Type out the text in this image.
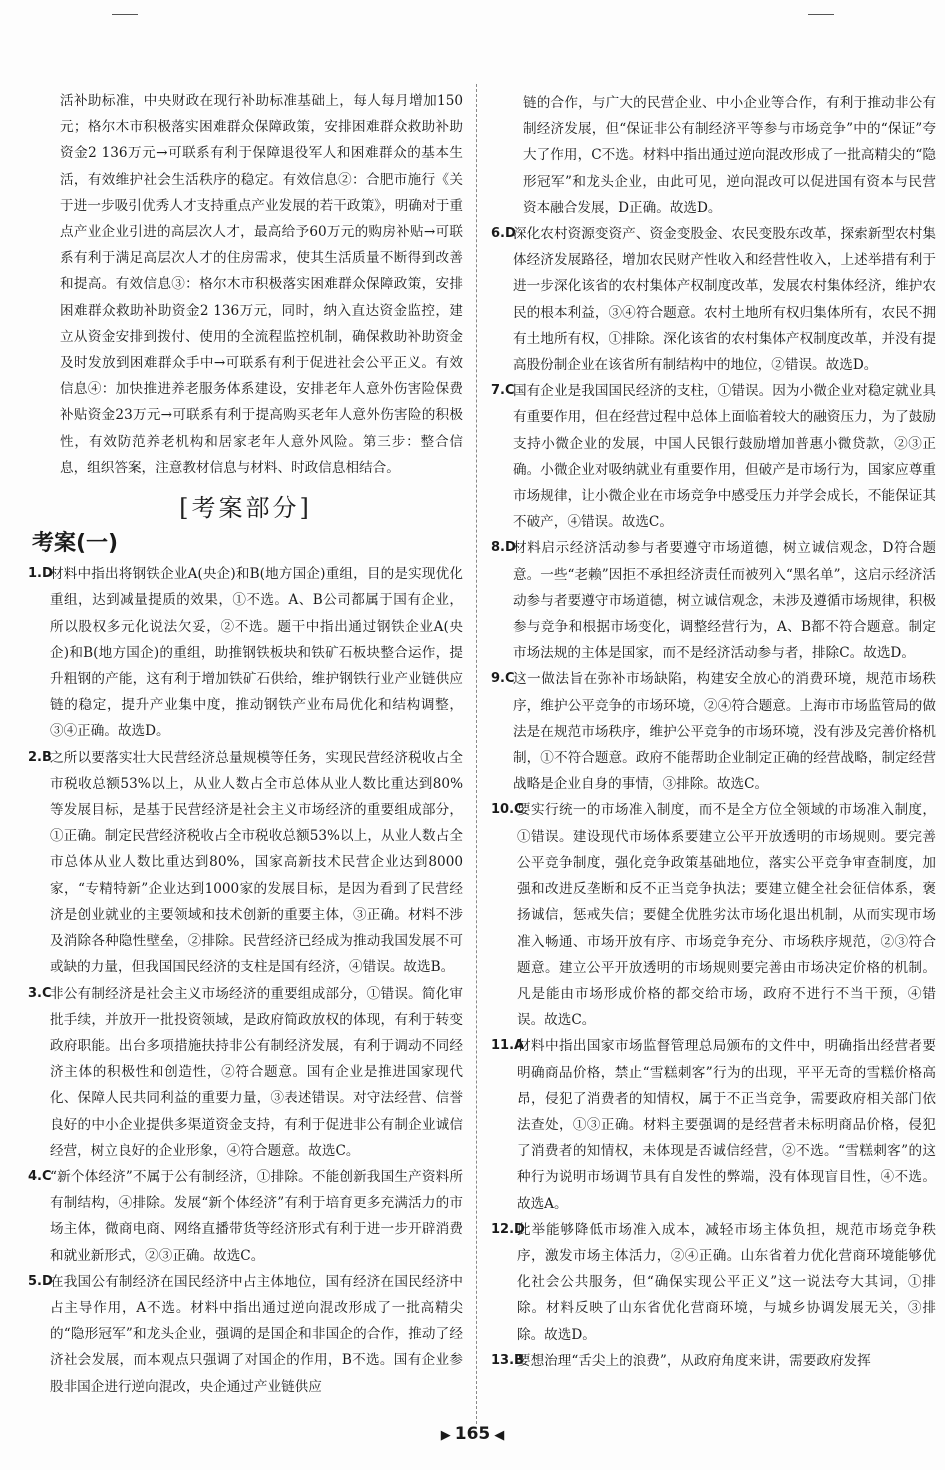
活补助标准，中央财政在现行补助标准基础上，每人每月增加150元；格尔木市积极落实困难群众保障政策，安排困难群众救助补助资金2 136万元→可联系有利于保障退役军人和困难群众的基本生活，有效维护社会生活秩序的稳定。有效信息②：合肥市施行《关于进一步吸引优秀人才支持重点产业发展的若干政策》，明确对于重点产业企业引进的高层次人才，最高给予60万元的购房补贴→可联系有利于满足高层次人才的住房需求，使其生活质量不断得到改善和提高。有效信息③：格尔木市积极落实困难群众保障政策，安排困难群众救助补助资金2 136万元，同时，纳入直达资金监控，建立从资金安排到拨付、使用的全流程监控机制，确保救助补助资金及时发放到困难群众手中→可联系有利于促进社会公平正义。有效信息④：加快推进养老服务体系建设，安排老年人意外伤害险保费补贴资金23万元→可联系有利于提高购买老年人意外伤害险的积极性，有效防范养老机构和居家老年人意外风险。第三步：整合信息，组织答案，注意教材信息与材料、时政信息相结合。

[考案部分]
考案(一)
1.D
材料中指出将钢铁企业A(央企)和B(地方国企)重组，目的是实现优化重组，达到减量提质的效果，①不选。A、B公司都属于国有企业，所以股权多元化说法欠妥，②不选。题干中指出通过钢铁企业A(央企)和B(地方国企)的重组，助推钢铁板块和铁矿石板块整合运作，提升粗钢的产能，这有利于增加铁矿石供给，维护钢铁行业产业链供应链的稳定，提升产业集中度，推动钢铁产业布局优化和结构调整，③④正确。故选D。
2.B
之所以要落实壮大民营经济总量规模等任务，实现民营经济税收占全市税收总额53%以上，从业人数占全市总体从业人数比重达到80%等发展目标，是基于民营经济是社会主义市场经济的重要组成部分，①正确。制定民营经济税收占全市税收总额53%以上，从业人数占全市总体从业人数比重达到80%，国家高新技术民营企业达到8000家，“专精特新”企业达到1000家的发展目标，是因为看到了民营经济是创业就业的主要领域和技术创新的重要主体，③正确。材料不涉及消除各种隐性壁垒，②排除。民营经济已经成为推动我国发展不可或缺的力量，但我国国民经济的支柱是国有经济，④错误。故选B。
3.C
非公有制经济是社会主义市场经济的重要组成部分，①错误。简化审批手续，并放开一批投资领域，是政府简政放权的体现，有利于转变政府职能。出台多项措施扶持非公有制经济发展，有利于调动不同经济主体的积极性和创造性，②符合题意。国有企业是推进国家现代化、保障人民共同利益的重要力量，③表述错误。对守法经营、信誉良好的中小企业提供多渠道资金支持，有利于促进非公有制企业诚信经营，树立良好的企业形象，④符合题意。故选C。
4.C
“新个体经济”不属于公有制经济，①排除。不能创新我国生产资料所有制结构，④排除。发展“新个体经济”有利于培育更多充满活力的市场主体，微商电商、网络直播带货等经济形式有利于进一步开辟消费和就业新形式，②③正确。故选C。
5.D
在我国公有制经济在国民经济中占主体地位，国有经济在国民经济中占主导作用，A不选。材料中指出通过逆向混改形成了一批高精尖的“隐形冠军”和龙头企业，强调的是国企和非国企的合作，推动了经济社会发展，而本观点只强调了对国企的作用，B不选。国有企业参股非国企进行逆向混改，央企通过产业链供应

链的合作，与广大的民营企业、中小企业等合作，有利于推动非公有制经济发展，但“保证非公有制经济平等参与市场竞争”中的“保证”夸大了作用，C不选。材料中指出通过逆向混改形成了一批高精尖的“隐形冠军”和龙头企业，由此可见，逆向混改可以促进国有资本与民营资本融合发展，D正确。故选D。

6.D
深化农村资源变资产、资金变股金、农民变股东改革，探索新型农村集体经济发展路径，增加农民财产性收入和经营性收入，上述举措有利于进一步深化该省的农村集体产权制度改革，发展农村集体经济，维护农民的根本利益，③④符合题意。农村土地所有权归集体所有，农民不拥有土地所有权，①排除。深化该省的农村集体产权制度改革，并没有提高股份制企业在该省所有制结构中的地位，②错误。故选D。
7.C
国有企业是我国国民经济的支柱，①错误。因为小微企业对稳定就业具有重要作用，但在经营过程中总体上面临着较大的融资压力，为了鼓励支持小微企业的发展，中国人民银行鼓励增加普惠小微贷款，②③正确。小微企业对吸纳就业有重要作用，但破产是市场行为，国家应尊重市场规律，让小微企业在市场竞争中感受压力并学会成长，不能保证其不破产，④错误。故选C。
8.D
材料启示经济活动参与者要遵守市场道德，树立诚信观念，D符合题意。一些“老赖”因拒不承担经济责任而被列入“黑名单”，这启示经济活动参与者要遵守市场道德，树立诚信观念，未涉及遵循市场规律，积极参与竞争和根据市场变化，调整经营行为，A、B都不符合题意。制定市场法规的主体是国家，而不是经济活动参与者，排除C。故选D。
9.C
这一做法旨在弥补市场缺陷，构建安全放心的消费环境，规范市场秩序，维护公平竞争的市场环境，②④符合题意。上海市市场监管局的做法是在规范市场秩序，维护公平竞争的市场环境，没有涉及完善价格机制，①不符合题意。政府不能帮助企业制定正确的经营战略，制定经营战略是企业自身的事情，③排除。故选C。
10.C
要实行统一的市场准入制度，而不是全方位全领域的市场准入制度，①错误。建设现代市场体系要建立公平开放透明的市场规则。要完善公平竞争制度，强化竞争政策基础地位，落实公平竞争审查制度，加强和改进反垄断和反不正当竞争执法；要建立健全社会征信体系，褒扬诚信，惩戒失信；要健全优胜劣汰市场化退出机制，从而实现市场准入畅通、市场开放有序、市场竞争充分、市场秩序规范，②③符合题意。建立公平开放透明的市场规则要完善由市场决定价格的机制。凡是能由市场形成价格的都交给市场，政府不进行不当干预，④错误。故选C。
11.A
材料中指出国家市场监督管理总局颁布的文件中，明确指出经营者要明确商品价格，禁止“雪糕刺客”行为的出现，平平无奇的雪糕价格高昂，侵犯了消费者的知情权，属于不正当竞争，需要政府相关部门依法查处，①③正确。材料主要强调的是经营者未标明商品价格，侵犯了消费者的知情权，未体现是否诚信经营，②不选。“雪糕刺客”的这种行为说明市场调节具有自发性的弊端，没有体现盲目性，④不选。故选A。
12.D
此举能够降低市场准入成本，减轻市场主体负担，规范市场竞争秩序，激发市场主体活力，②④正确。山东省着力优化营商环境能够优化社会公共服务，但“确保实现公平正义”这一说法夸大其词，①排除。材料反映了山东省优化营商环境，与城乡协调发展无关，③排除。故选D。
13.B
要想治理“舌尖上的浪费”，从政府角度来讲，需要政府发挥
▶ 165 ◀
